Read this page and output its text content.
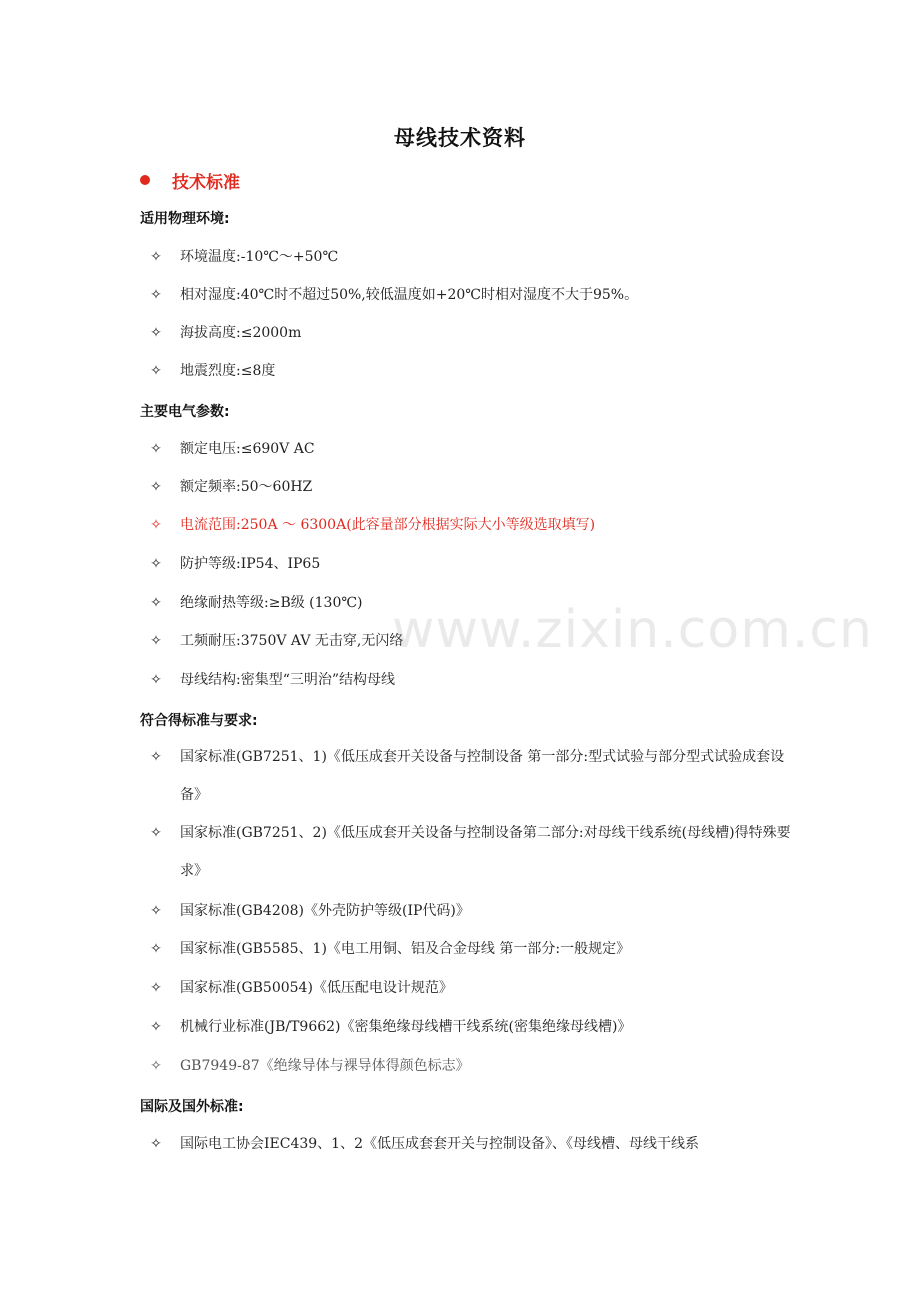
母线技术资料
技术标准
适用物理环境:
✧ 环境温度:-10℃～+50℃
✧ 相对湿度:40℃时不超过50%,较低温度如+20℃时相对湿度不大于95%。
✧ 海拔高度:≤2000m
✧ 地震烈度:≤8度
主要电气参数:
✧ 额定电压:≤690V AC
✧ 额定频率:50～60HZ
✧ 电流范围:250A ～ 6300A(此容量部分根据实际大小等级选取填写)
✧ 防护等级:IP54、IP65
✧ 绝缘耐热等级:≥B级 (130℃)
✧ 工频耐压:3750V AV 无击穿,无闪络
✧ 母线结构:密集型“三明治”结构母线
符合得标准与要求:
✧ 国家标准(GB7251、1)《低压成套开关设备与控制设备 第一部分:型式试验与部分型式试验成套设备》
✧ 国家标准(GB7251、2)《低压成套开关设备与控制设备第二部分:对母线干线系统(母线槽)得特殊要求》
✧ 国家标准(GB4208)《外壳防护等级(IP代码)》
✧ 国家标准(GB5585、1)《电工用铜、铝及合金母线 第一部分:一般规定》
✧ 国家标准(GB50054)《低压配电设计规范》
✧ 机械行业标准(JB/T9662)《密集绝缘母线槽干线系统(密集绝缘母线槽)》
✧ GB7949-87《绝缘导体与裸导体得颜色标志》
国际及国外标准:
✧ 国际电工协会IEC439、1、2《低压成套套开关与控制设备》、《母线槽、母线干线系
www.zixin.com.cn
